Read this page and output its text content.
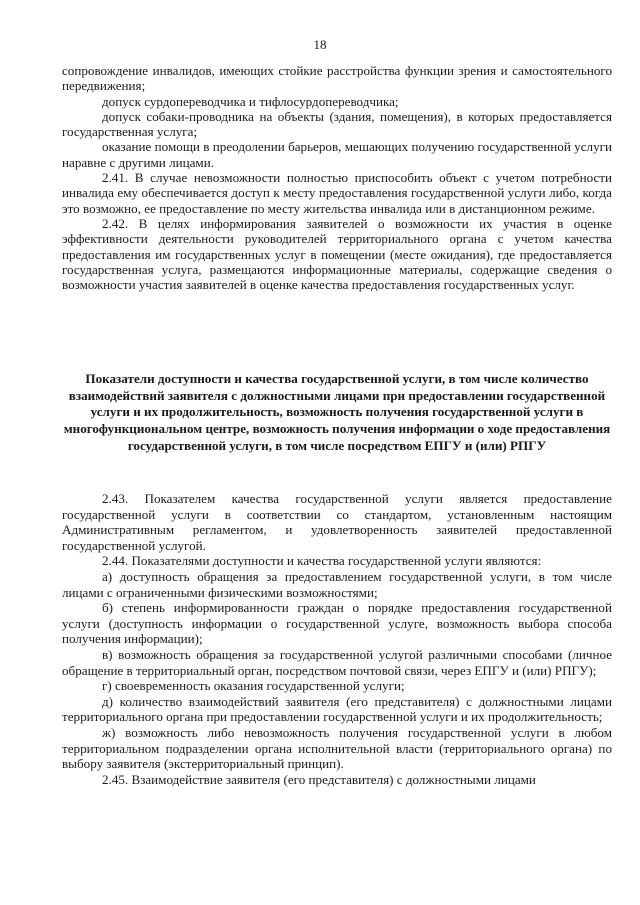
18

сопровождение инвалидов, имеющих стойкие расстройства функции зрения и самостоятельного передвижения;

допуск сурдопереводчика и тифлосурдопереводчика;

допуск собаки-проводника на объекты (здания, помещения), в которых предоставляется государственная услуга;

оказание помощи в преодолении барьеров, мешающих получению государственной услуги наравне с другими лицами.

2.41. В случае невозможности полностью приспособить объект с учетом потребности инвалида ему обеспечивается доступ к месту предоставления государственной услуги либо, когда это возможно, ее предоставление по месту жительства инвалида или в дистанционном режиме.

2.42. В целях информирования заявителей о возможности их участия в оценке эффективности деятельности руководителей территориального органа с учетом качества предоставления им государственных услуг в помещении (месте ожидания), где предоставляется государственная услуга, размещаются информационные материалы, содержащие сведения о возможности участия заявителей в оценке качества предоставления государственных услуг.

Показатели доступности и качества государственной услуги, в том числе количество взаимодействий заявителя с должностными лицами при предоставлении государственной услуги и их продолжительность, возможность получения государственной услуги в многофункциональном центре, возможность получения информации о ходе предоставления государственной услуги, в том числе посредством ЕПГУ и (или) РПГУ

2.43. Показателем качества государственной услуги является предоставление государственной услуги в соответствии со стандартом, установленным настоящим Административным регламентом, и удовлетворенность заявителей предоставленной государственной услугой.

2.44. Показателями доступности и качества государственной услуги являются:

а) доступность обращения за предоставлением государственной услуги, в том числе лицами с ограниченными физическими возможностями;

б) степень информированности граждан о порядке предоставления государственной услуги (доступность информации о государственной услуге, возможность выбора способа получения информации);

в) возможность обращения за государственной услугой различными способами (личное обращение в территориальный орган, посредством почтовой связи, через ЕПГУ и (или) РПГУ);

г) своевременность оказания государственной услуги;

д) количество взаимодействий заявителя (его представителя) с должностными лицами территориального органа при предоставлении государственной услуги и их продолжительность;

ж) возможность либо невозможность получения государственной услуги в любом территориальном подразделении органа исполнительной власти (территориального органа) по выбору заявителя (экстерриториальный принцип).

2.45. Взаимодействие заявителя (его представителя) с должностными лицами
